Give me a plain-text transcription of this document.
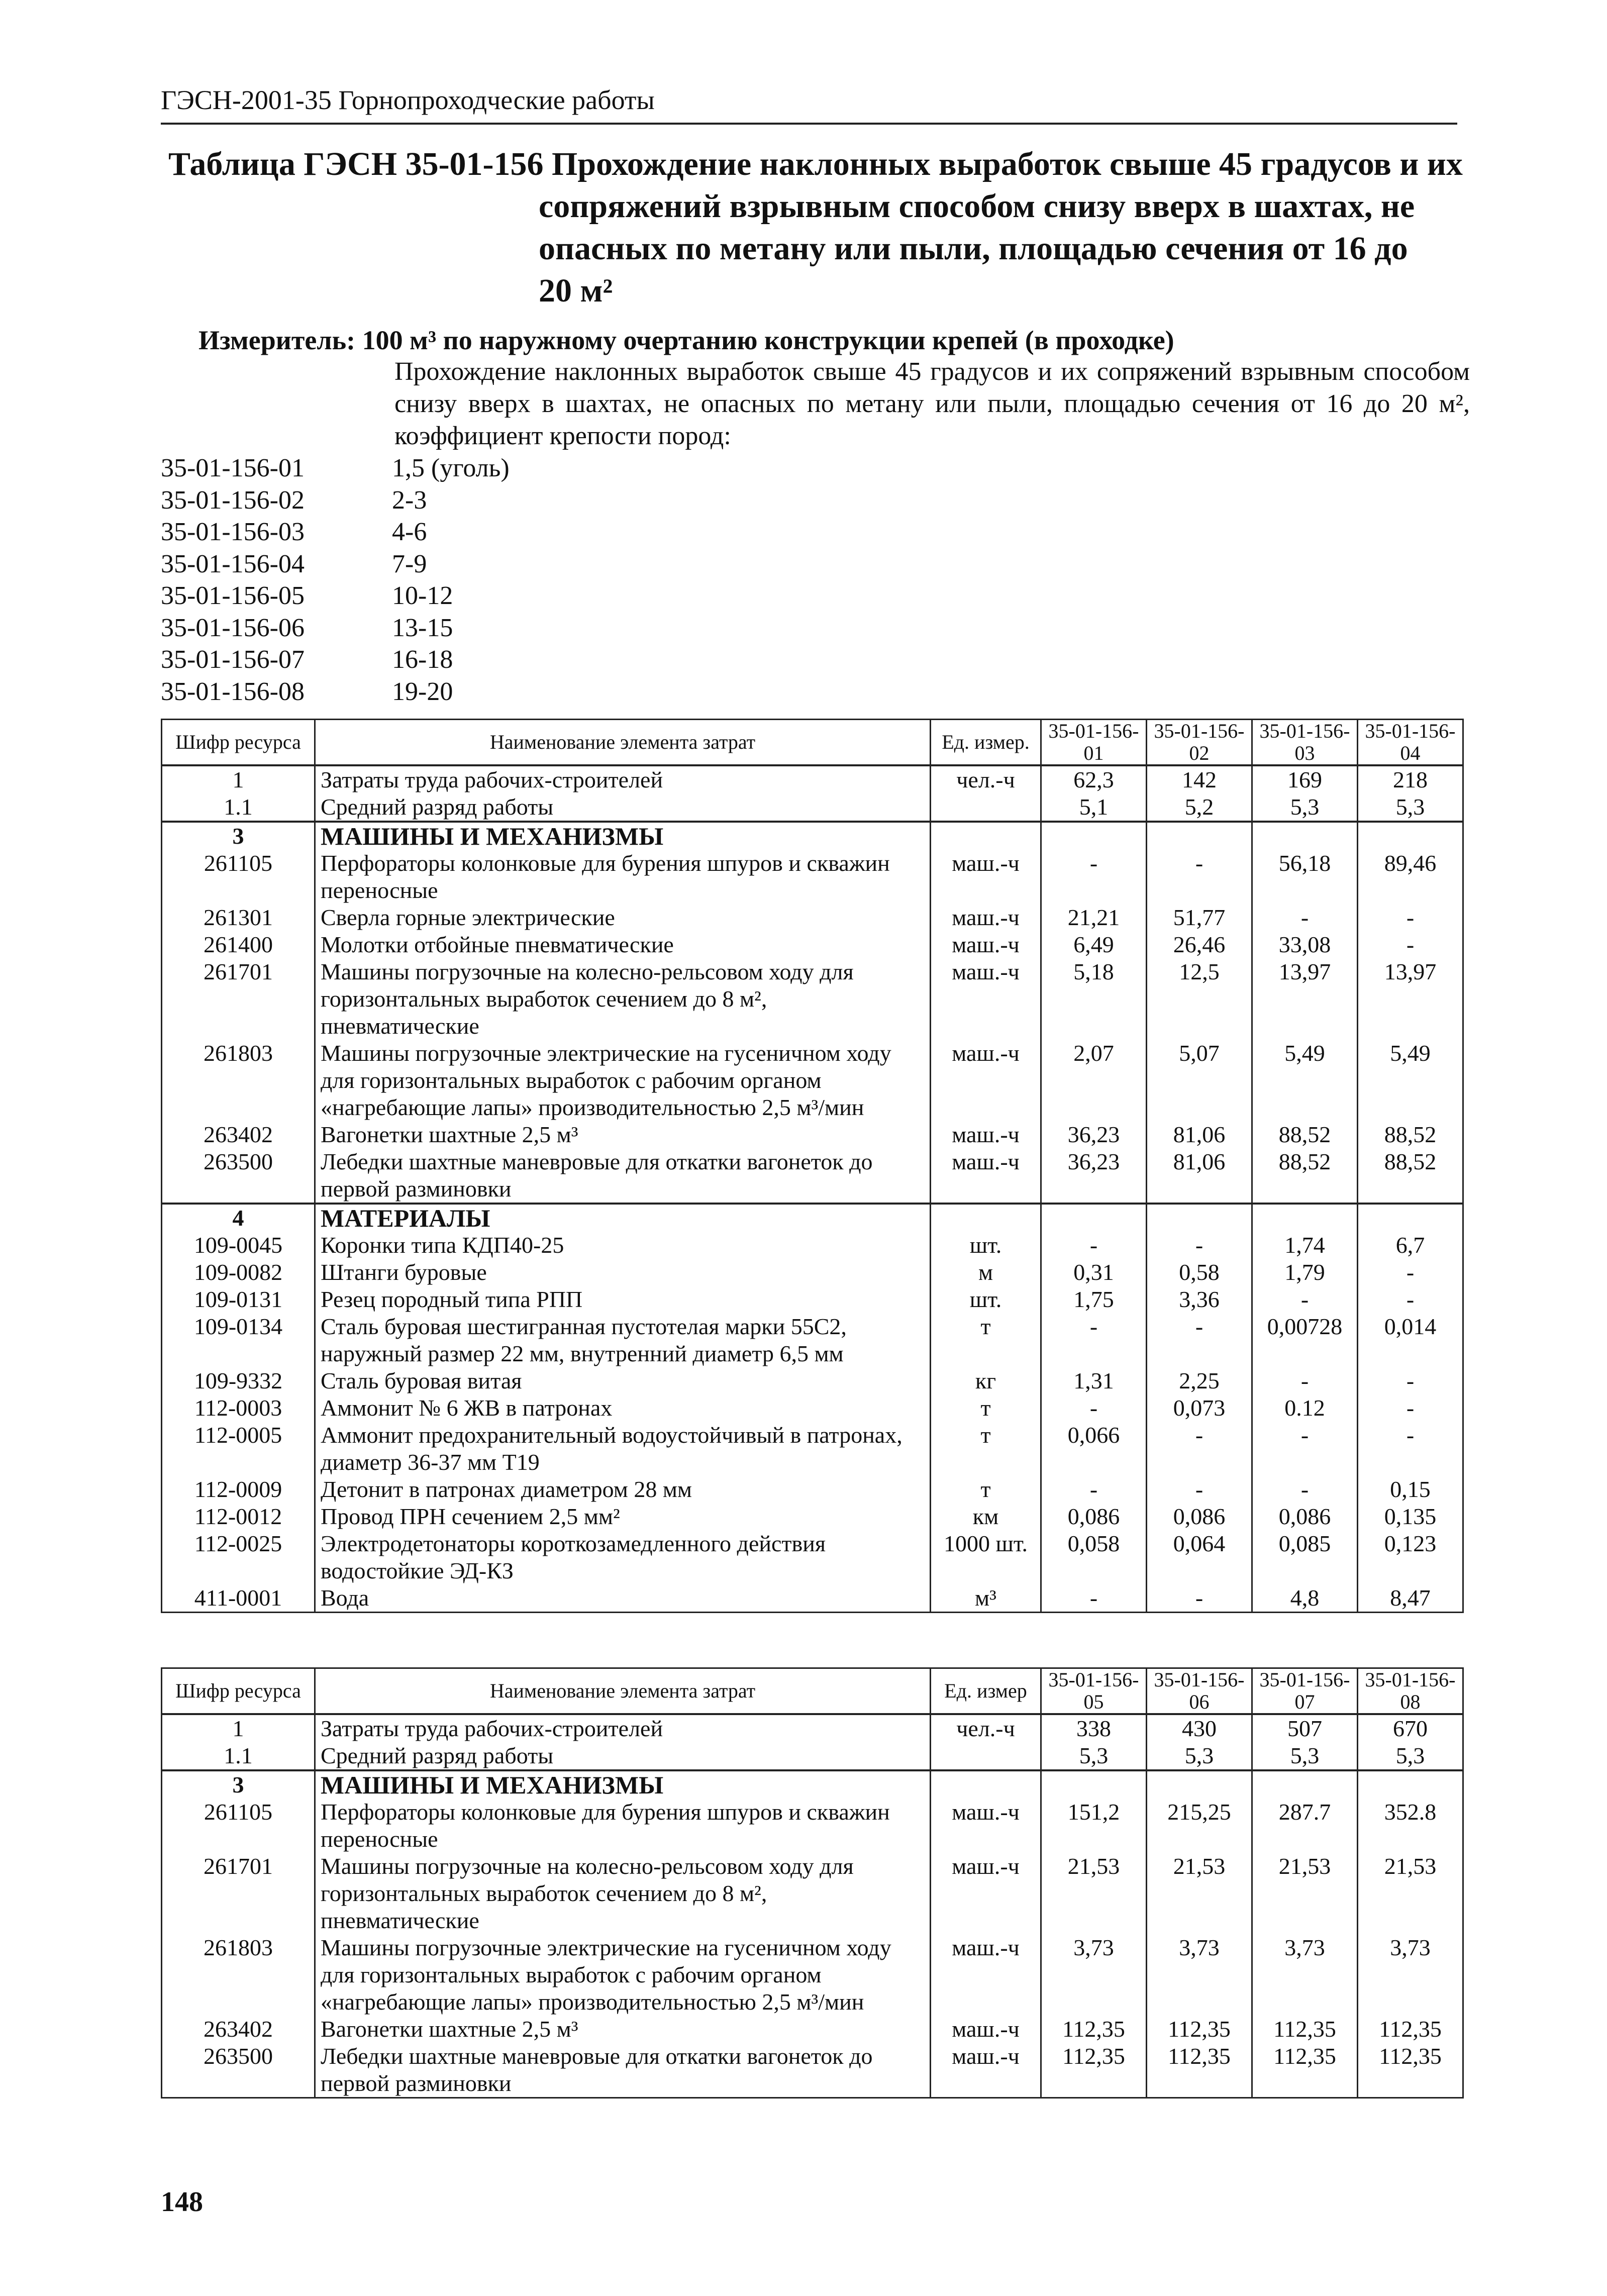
ГЭСН-2001-35 Горнопроходческие работы
Таблица ГЭСН 35-01-156 Прохождение наклонных выработок свыше 45 градусов и их
сопряжений взрывным способом снизу вверх в шахтах, не
опасных по метану или пыли, площадью сечения от 16 до
20 м²
Измеритель: 100 м³ по наружному очертанию конструкции крепей (в проходке)
Прохождение наклонных выработок свыше 45 градусов и их сопряжений взрывным способом снизу вверх в шахтах, не опасных по метану или пыли, площадью сечения от 16 до 20 м², коэффициент крепости пород:
35-01-156-01	1,5 (уголь)
35-01-156-02	2-3
35-01-156-03	4-6
35-01-156-04	7-9
35-01-156-05	10-12
35-01-156-06	13-15
35-01-156-07	16-18
35-01-156-08	19-20
Шифр ресурса	Наименование элемента затрат	Ед. измер.	35-01-156-01	35-01-156-02	35-01-156-03	35-01-156-04
1	Затраты труда рабочих-строителей	чел.-ч	62,3	142	169	218
1.1	Средний разряд работы		5,1	5,2	5,3	5,3
3	МАШИНЫ И МЕХАНИЗМЫ					
261105	Перфораторы колонковые для бурения шпуров и скважин переносные	маш.-ч	-	-	56,18	89,46
261301	Сверла горные электрические	маш.-ч	21,21	51,77	-	-
261400	Молотки отбойные пневматические	маш.-ч	6,49	26,46	33,08	-
261701	Машины погрузочные на колесно-рельсовом ходу для горизонтальных выработок сечением до 8 м², пневматические	маш.-ч	5,18	12,5	13,97	13,97
261803	Машины погрузочные электрические на гусеничном ходу для горизонтальных выработок с рабочим органом «нагребающие лапы» производительностью 2,5 м³/мин	маш.-ч	2,07	5,07	5,49	5,49
263402	Вагонетки шахтные 2,5 м³	маш.-ч	36,23	81,06	88,52	88,52
263500	Лебедки шахтные маневровые для откатки вагонеток до первой разминовки	маш.-ч	36,23	81,06	88,52	88,52
4	МАТЕРИАЛЫ					
109-0045	Коронки типа КДП40-25	шт.	-	-	1,74	6,7
109-0082	Штанги буровые	м	0,31	0,58	1,79	-
109-0131	Резец породный типа РПП	шт.	1,75	3,36	-	-
109-0134	Сталь буровая шестигранная пустотелая марки 55С2, наружный размер 22 мм, внутренний диаметр 6,5 мм	т	-	-	0,00728	0,014
109-9332	Сталь буровая витая	кг	1,31	2,25	-	-
112-0003	Аммонит № 6 ЖВ в патронах	т	-	0,073	0.12	-
112-0005	Аммонит предохранительный водоустойчивый в патронах, диаметр 36-37 мм Т19	т	0,066	-	-	-
112-0009	Детонит в патронах диаметром 28 мм	т	-	-	-	0,15
112-0012	Провод ПРН сечением 2,5 мм²	км	0,086	0,086	0,086	0,135
112-0025	Электродетонаторы короткозамедленного действия водостойкие ЭД-КЗ	1000 шт.	0,058	0,064	0,085	0,123
411-0001	Вода	м³	-	-	4,8	8,47
Шифр ресурса	Наименование элемента затрат	Ед. измер	35-01-156-05	35-01-156-06	35-01-156-07	35-01-156-08
1	Затраты труда рабочих-строителей	чел.-ч	338	430	507	670
1.1	Средний разряд работы		5,3	5,3	5,3	5,3
3	МАШИНЫ И МЕХАНИЗМЫ					
261105	Перфораторы колонковые для бурения шпуров и скважин переносные	маш.-ч	151,2	215,25	287.7	352.8
261701	Машины погрузочные на колесно-рельсовом ходу для горизонтальных выработок сечением до 8 м², пневматические	маш.-ч	21,53	21,53	21,53	21,53
261803	Машины погрузочные электрические на гусеничном ходу для горизонтальных выработок с рабочим органом «нагребающие лапы» производительностью 2,5 м³/мин	маш.-ч	3,73	3,73	3,73	3,73
263402	Вагонетки шахтные 2,5 м³	маш.-ч	112,35	112,35	112,35	112,35
263500	Лебедки шахтные маневровые для откатки вагонеток до первой разминовки	маш.-ч	112,35	112,35	112,35	112,35
148
